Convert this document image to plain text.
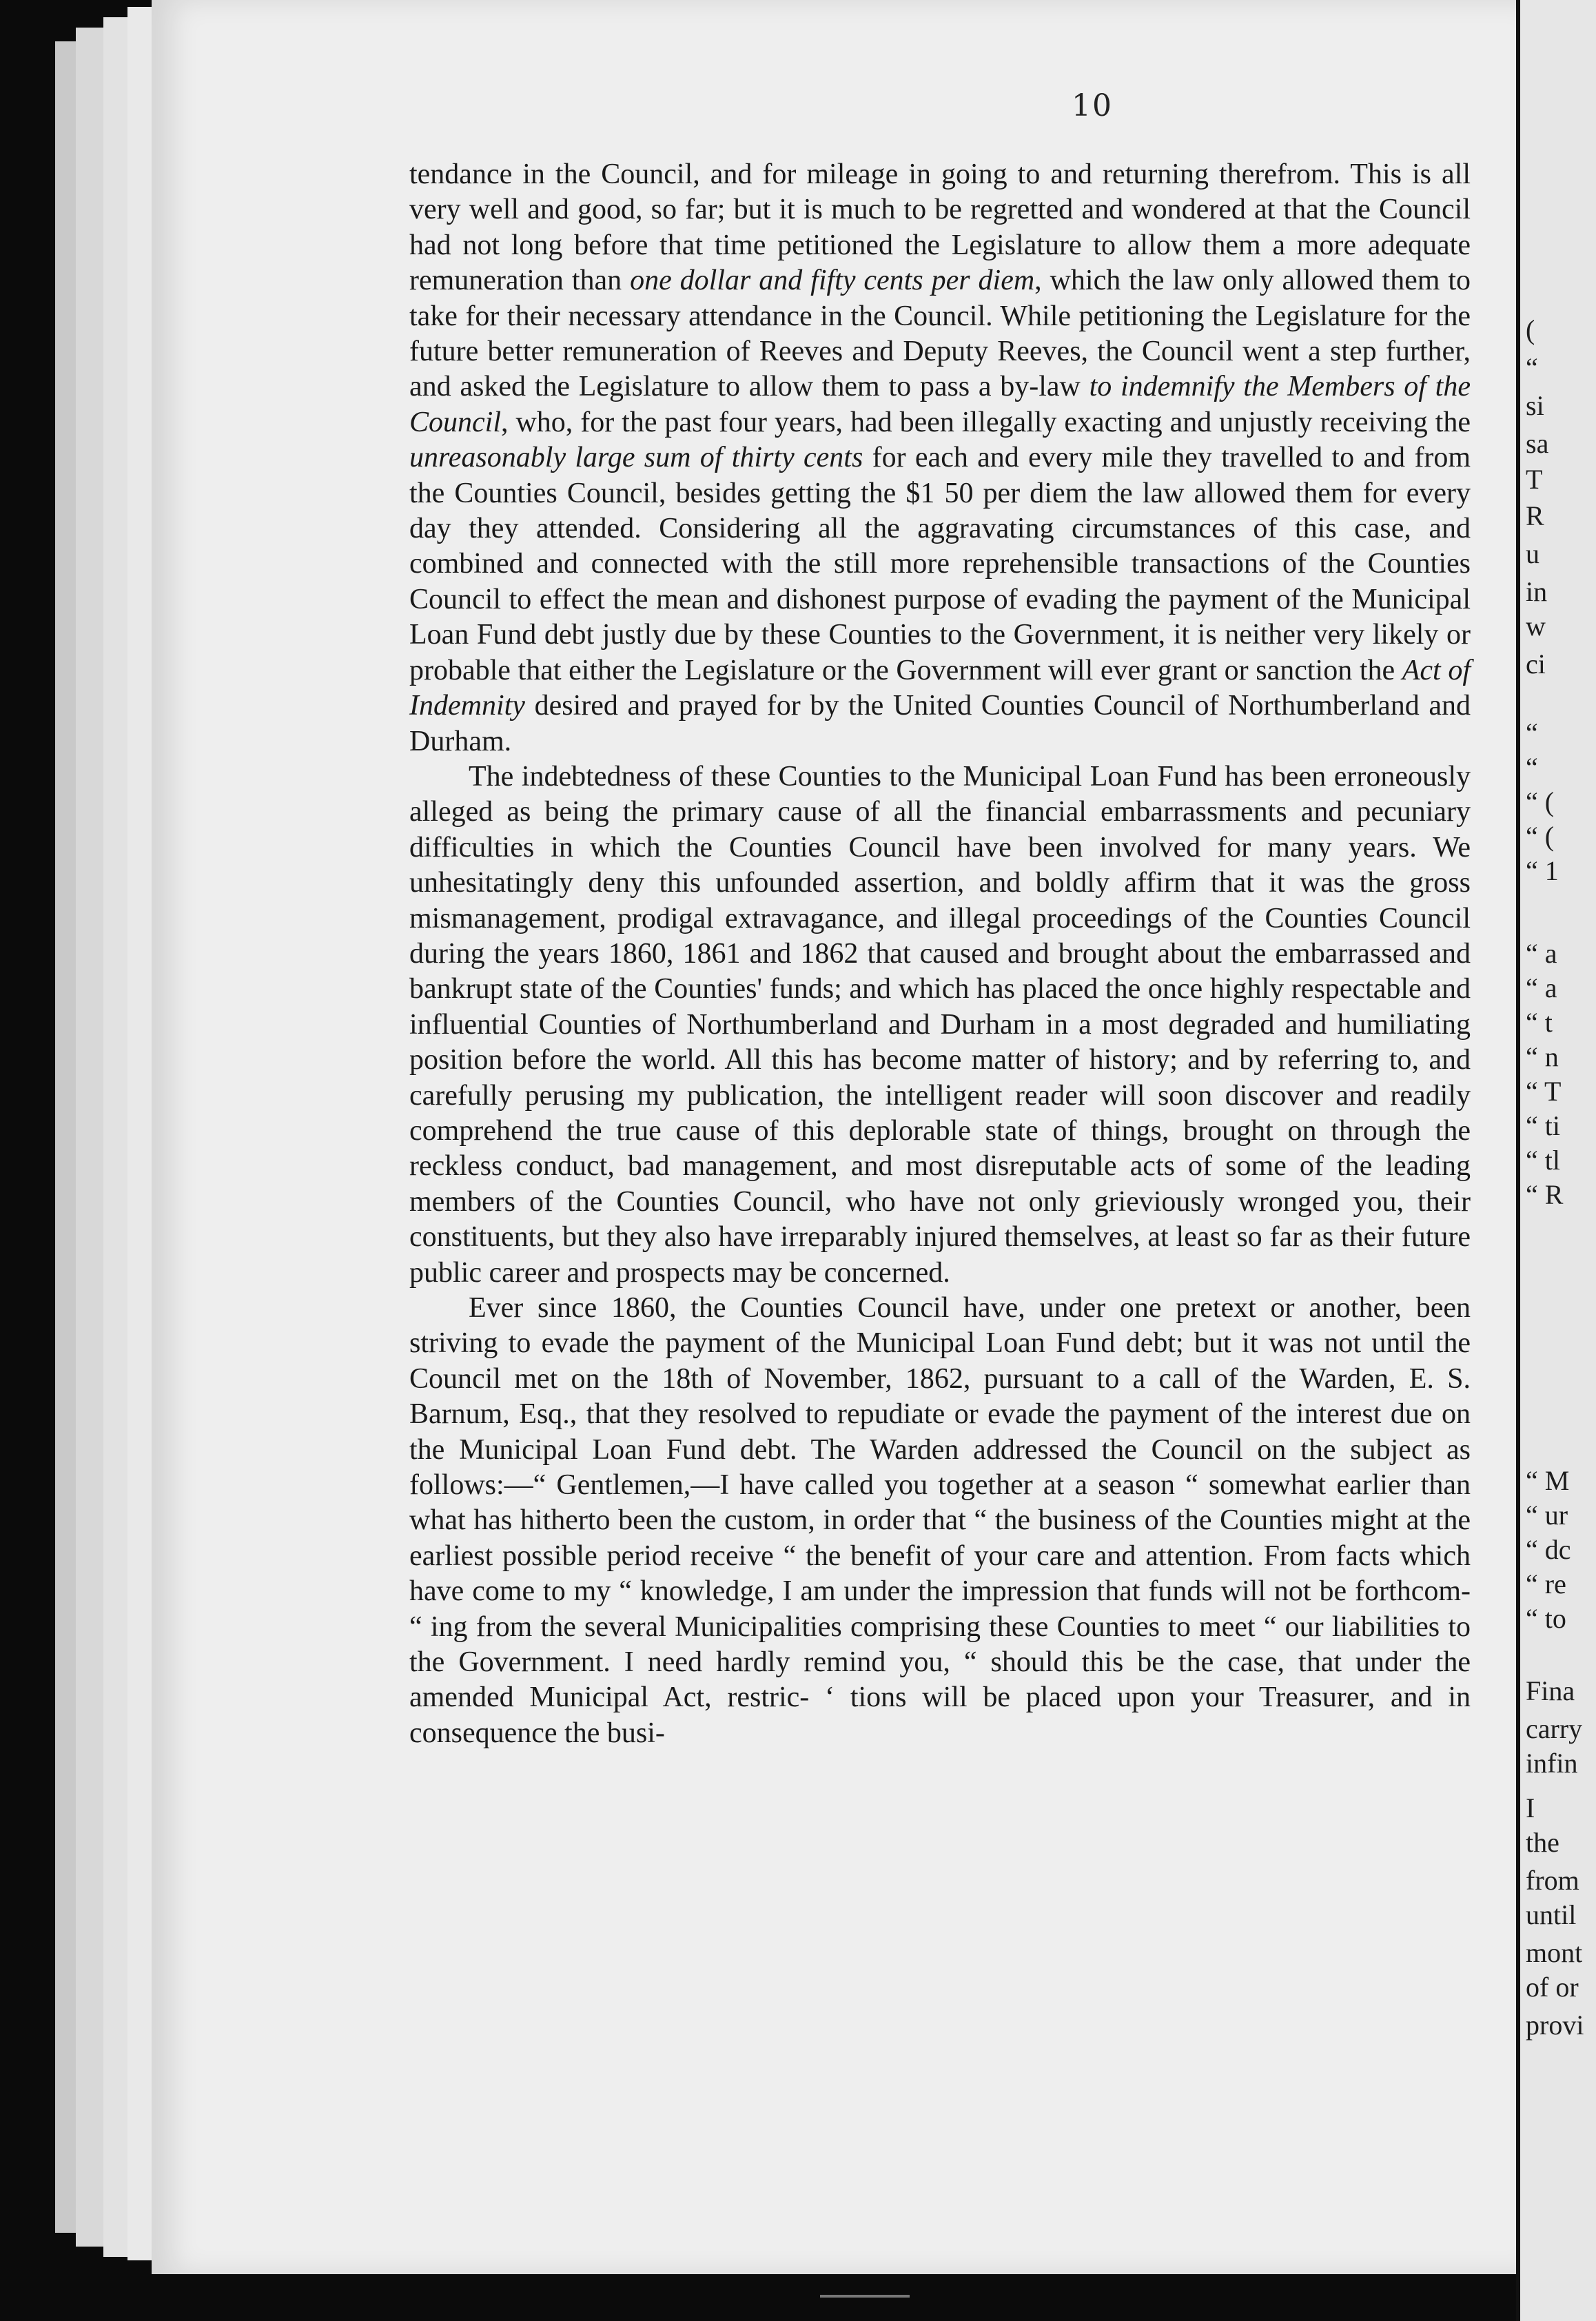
10

tendance in the Council, and for mileage in going to and returning therefrom. This is all very well and good, so far; but it is much to be regretted and wondered at that the Council had not long before that time petitioned the Legislature to allow them a more adequate remuneration than one dollar and fifty cents per diem, which the law only allowed them to take for their necessary attendance in the Council. While petitioning the Legislature for the future better remuneration of Reeves and Deputy Reeves, the Council went a step further, and asked the Legislature to allow them to pass a by-law to indemnify the Members of the Council, who, for the past four years, had been illegally exacting and unjustly receiving the unreasonably large sum of thirty cents for each and every mile they travelled to and from the Counties Council, besides getting the $1 50 per diem the law allowed them for every day they attended. Considering all the aggravating circumstances of this case, and combined and connected with the still more reprehensible transactions of the Counties Council to effect the mean and dishonest purpose of evading the payment of the Municipal Loan Fund debt justly due by these Counties to the Government, it is neither very likely or probable that either the Legislature or the Government will ever grant or sanction the Act of Indemnity desired and prayed for by the United Counties Council of Northumberland and Durham.

The indebtedness of these Counties to the Municipal Loan Fund has been erroneously alleged as being the primary cause of all the financial embarrassments and pecuniary difficulties in which the Counties Council have been involved for many years. We unhesitatingly deny this unfounded assertion, and boldly affirm that it was the gross mismanagement, prodigal extravagance, and illegal proceedings of the Counties Council during the years 1860, 1861 and 1862 that caused and brought about the embarrassed and bankrupt state of the Counties' funds; and which has placed the once highly respectable and influential Counties of Northumberland and Durham in a most degraded and humiliating position before the world. All this has become matter of history; and by referring to, and carefully perusing my publication, the intelligent reader will soon discover and readily comprehend the true cause of this deplorable state of things, brought on through the reckless conduct, bad management, and most disreputable acts of some of the leading members of the Counties Council, who have not only grieviously wronged you, their constituents, but they also have irreparably injured themselves, at least so far as their future public career and prospects may be concerned.

Ever since 1860, the Counties Council have, under one pretext or another, been striving to evade the payment of the Municipal Loan Fund debt; but it was not until the Council met on the 18th of November, 1862, pursuant to a call of the Warden, E. S. Barnum, Esq., that they resolved to repudiate or evade the payment of the interest due on the Municipal Loan Fund debt. The Warden addressed the Council on the subject as follows:—“ Gentlemen,—I have called you together at a season “ somewhat earlier than what has hitherto been the custom, in order that “ the business of the Counties might at the earliest possible period receive “ the benefit of your care and attention. From facts which have come to my “ knowledge, I am under the impression that funds will not be forthcom- “ ing from the several Municipalities comprising these Counties to meet “ our liabilities to the Government. I need hardly remind you, “ should this be the case, that under the amended Municipal Act, restric- ‘ tions will be placed upon your Treasurer, and in consequence the busi-

(
“
si
sa
T
R
u
in
w
ci
“
“
“ (
“ (
“ 1
“ a
“ a
“ t
“ n
“ T
“ ti
“ tl
“ R
“ M
“ ur
“ dc
“ re
“ to
Fina
carry
infin
I
the
from
until
mont
of or
provi
